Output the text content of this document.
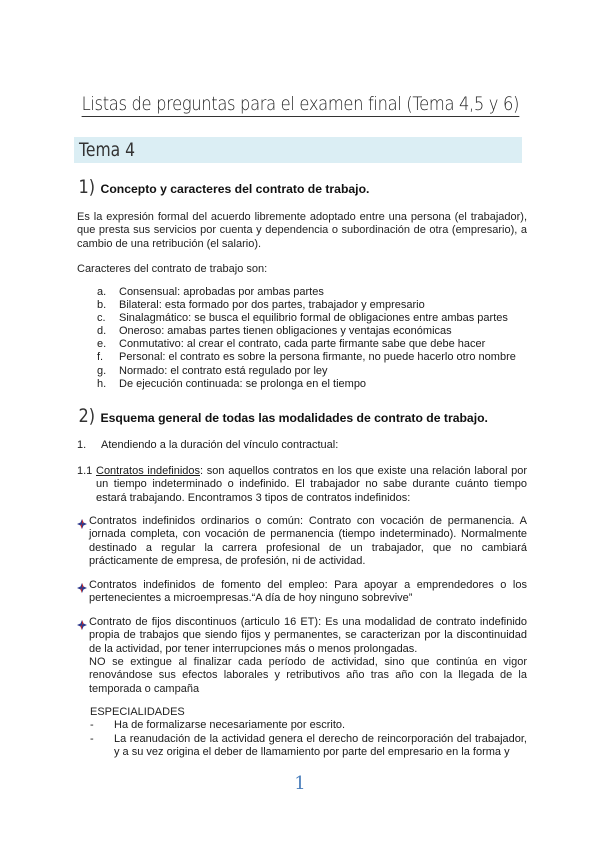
Listas de preguntas para el examen final (Tema 4,5 y 6)
Tema 4
1) Concepto y caracteres del contrato de trabajo.
Es la expresión formal del acuerdo libremente adoptado entre una persona (el trabajador), que presta sus servicios por cuenta y dependencia o subordinación de otra (empresario), a cambio de una retribución (el salario).
Caracteres del contrato de trabajo son:
a.	Consensual: aprobadas por ambas partes
b.	Bilateral: esta formado por dos partes, trabajador y empresario
c.	Sinalagmático: se busca el equilibrio formal de obligaciones entre ambas partes
d.	Oneroso: amabas partes tienen obligaciones y ventajas económicas
e.	Conmutativo: al crear el contrato, cada parte firmante sabe que debe hacer
f.	Personal: el contrato es sobre la persona firmante, no puede hacerlo otro nombre
g.	Normado: el contrato está regulado por ley
h.	De ejecución continuada: se prolonga en el tiempo
2) Esquema general de todas las modalidades de contrato de trabajo.
1.	Atendiendo a la duración del vínculo contractual:
1.1 Contratos indefinidos: son aquellos contratos en los que existe una relación laboral por un tiempo indeterminado o indefinido. El trabajador no sabe durante cuánto tiempo estará trabajando. Encontramos 3 tipos de contratos indefinidos:
Contratos indefinidos ordinarios o común: Contrato con vocación de permanencia. A jornada completa, con vocación de permanencia (tiempo indeterminado). Normalmente destinado a regular la carrera profesional de un trabajador, que no cambiará prácticamente de empresa, de profesión, ni de actividad.
Contratos indefinidos de fomento del empleo: Para apoyar a emprendedores o los pertenecientes a microempresas.“A día de hoy ninguno sobrevive”
Contrato de fijos discontinuos (articulo 16 ET): Es una modalidad de contrato indefinido propia de trabajos que siendo fijos y permanentes, se caracterizan por la discontinuidad de la actividad, por tener interrupciones más o menos prolongadas.
NO se extingue al finalizar cada período de actividad, sino que continúa en vigor renovándose sus efectos laborales y retributivos año tras año con la llegada de la temporada o campaña
ESPECIALIDADES
-	Ha de formalizarse necesariamente por escrito.
-	La reanudación de la actividad genera el derecho de reincorporación del trabajador, y a su vez origina el deber de llamamiento por parte del empresario en la forma y
1
